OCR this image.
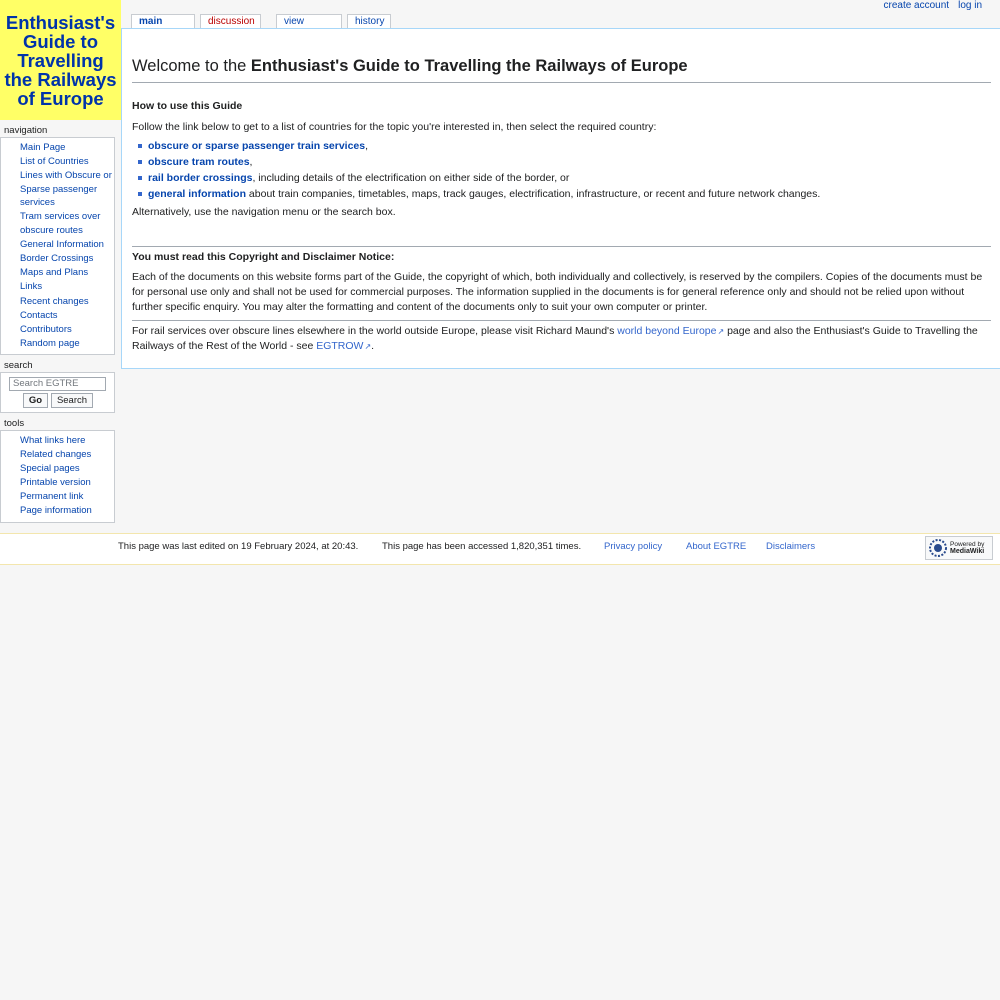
Enthusiast's Guide to Travelling the Railways of Europe
create account log in
main	discussion	view	history
Welcome to the Enthusiast's Guide to Travelling the Railways of Europe
How to use this Guide
Follow the link below to get to a list of countries for the topic you're interested in, then select the required country:
obscure or sparse passenger train services,
obscure tram routes,
rail border crossings, including details of the electrification on either side of the border, or
general information about train companies, timetables, maps, track gauges, electrification, infrastructure, or recent and future network changes.
Alternatively, use the navigation menu or the search box.
You must read this Copyright and Disclaimer Notice:
Each of the documents on this website forms part of the Guide, the copyright of which, both individually and collectively, is reserved by the compilers. Copies of the documents must be for personal use only and shall not be used for commercial purposes. The information supplied in the documents is for general reference only and should not be relied upon without further specific enquiry. You may alter the formatting and content of the documents only to suit your own computer or printer.
For rail services over obscure lines elsewhere in the world outside Europe, please visit Richard Maund's world beyond Europe ↗ page and also the Enthusiast's Guide to Travelling the Railways of the Rest of the World - see EGTROW ↗ .
navigation
Main Page
List of Countries
Lines with Obscure or Sparse passenger services
Tram services over obscure routes
General Information
Border Crossings
Maps and Plans
Links
Recent changes
Contacts
Contributors
Random page
search
Search EGTRE
Go	Search
tools
What links here
Related changes
Special pages
Printable version
Permanent link
Page information
This page was last edited on 19 February 2024, at 20:43. This page has been accessed 1,820,351 times. Privacy policy	About EGTRE Disclaimers	Powered by
MediaWiki
